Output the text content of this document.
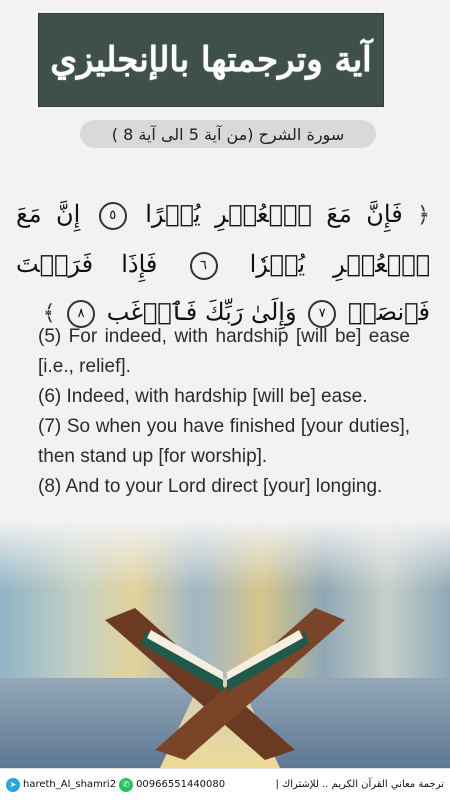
آية وترجمتها بالإنجليزي
سورة الشرح (من آية 5 الى آية 8 )
﴿ فَإِنَّ مَعَ ٱلۡعُسۡرِ يُسۡرًا ٥ إِنَّ مَعَ ٱلۡعُسۡرِ يُسۡرٗا ٦ فَإِذَا فَرَغۡتَ فَٱنصَبۡ ٧ وَإِلَىٰ رَبِّكَ فَٱرۡغَب ٨ ﴾

(5) For indeed, with hardship [will be] ease [i.e., relief].

(6) Indeed, with hardship [will be] ease.

(7) So when you have finished [your duties], then stand up [for worship].

(8) And to your Lord direct [your] longing.

➤ hareth_Al_shamri2 ✆ 00966551440080	ترجمة معاني القرآن الكريم .. للإشتراك |
